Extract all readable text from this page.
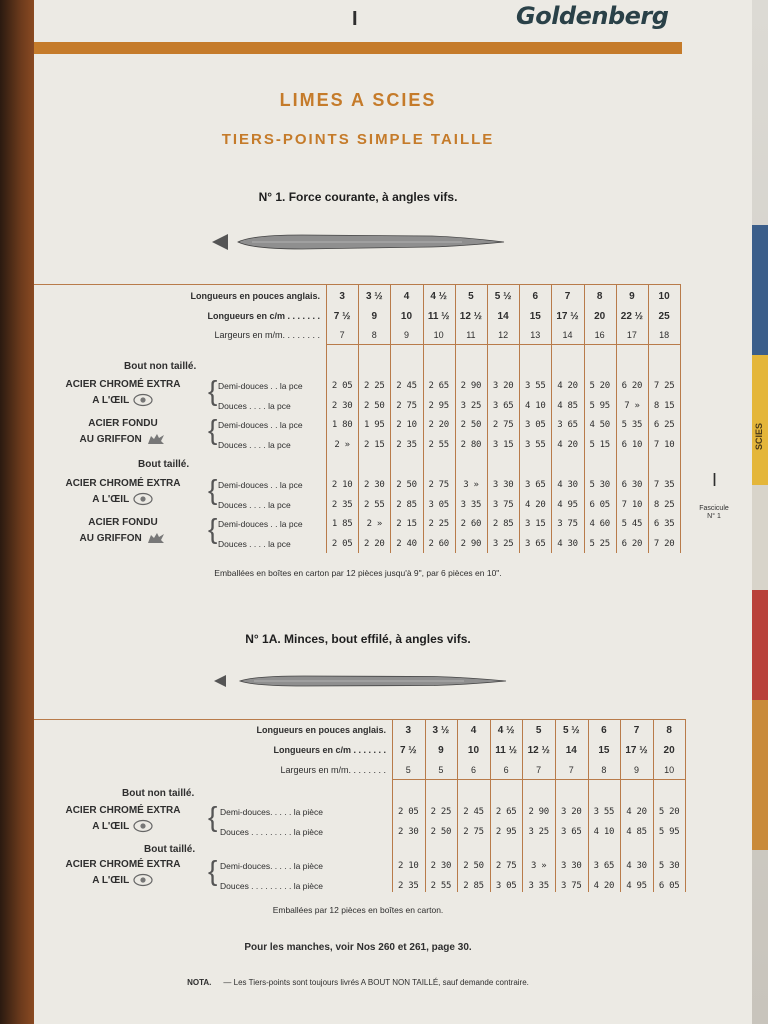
SCIES
I	Goldenberg
LIMES A SCIES
TIERS-POINTS SIMPLE TAILLE
N° 1. Force courante, à angles vifs.
Longueurs en pouces anglais.	3	3 ½	4	4 ½	5	5 ½	6	7	8	9	10
Longueurs en c/m . . . . . . .	7 ½	9	10	11 ½	12 ½	14	15	17 ½	20	22 ½	25
Largeurs en m/m. . . . . . . .	7	8	9	10	11	12	13	14	16	17	18
Bout non taillé.
ACIER CHROMÉ EXTRA
A L'ŒIL	{ Demi-douces . . la pce	2 05	2 25	2 45	2 65	2 90	3 20	3 55	4 20	5 20	6 20	7 25
Douces . . . . la pce	2 30	2 50	2 75	2 95	3 25	3 65	4 10	4 85	5 95	7 »	8 15
ACIER FONDU
AU GRIFFON	{ Demi-douces . . la pce	1 80	1 95	2 10	2 20	2 50	2 75	3 05	3 65	4 50	5 35	6 25
Douces . . . . la pce	2 »	2 15	2 35	2 55	2 80	3 15	3 55	4 20	5 15	6 10	7 10
Bout taillé.
ACIER CHROMÉ EXTRA
A L'ŒIL	{ Demi-douces . . la pce	2 10	2 30	2 50	2 75	3 »	3 30	3 65	4 30	5 30	6 30	7 35
Douces . . . . la pce	2 35	2 55	2 85	3 05	3 35	3 75	4 20	4 95	6 05	7 10	8 25
ACIER FONDU
AU GRIFFON	{ Demi-douces . . la pce	1 85	2 »	2 15	2 25	2 60	2 85	3 15	3 75	4 60	5 45	6 35
Douces . . . . la pce	2 05	2 20	2 40	2 60	2 90	3 25	3 65	4 30	5 25	6 20	7 20
Emballées en boîtes en carton par 12 pièces jusqu'à 9", par 6 pièces en 10".
I
Fascicule
N° 1
N° 1A. Minces, bout effilé, à angles vifs.
Longueurs en pouces anglais.	3	3 ½	4	4 ½	5	5 ½	6	7	8
Longueurs en c/m . . . . . . .	7 ½	9	10	11 ½	12 ½	14	15	17 ½	20
Largeurs en m/m. . . . . . . .	5	5	6	6	7	7	8	9	10
Bout non taillé.
ACIER CHROMÉ EXTRA
A L'ŒIL	{ Demi-douces. . . . . la pièce	2 05	2 25	2 45	2 65	2 90	3 20	3 55	4 20	5 20
Douces . . . . . . . . . la pièce	2 30	2 50	2 75	2 95	3 25	3 65	4 10	4 85	5 95
Bout taillé.
ACIER CHROMÉ EXTRA
A L'ŒIL	{ Demi-douces. . . . . la pièce	2 10	2 30	2 50	2 75	3 »	3 30	3 65	4 30	5 30
Douces . . . . . . . . . la pièce	2 35	2 55	2 85	3 05	3 35	3 75	4 20	4 95	6 05
Emballées par 12 pièces en boîtes en carton.
Pour les manches, voir Nos 260 et 261, page 30.
NOTA. — Les Tiers-points sont toujours livrés A BOUT NON TAILLÉ, sauf demande contraire.
